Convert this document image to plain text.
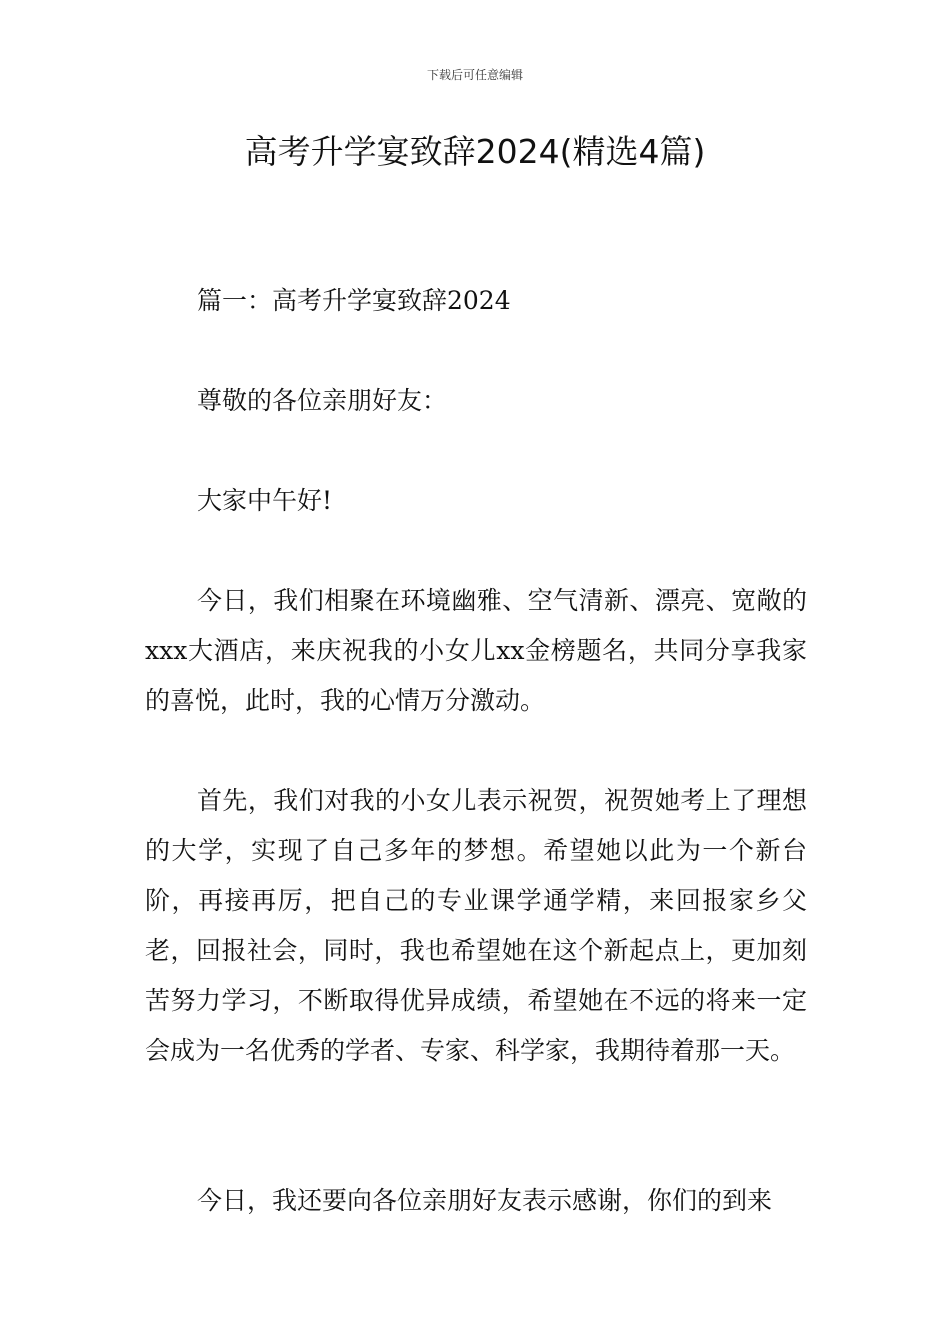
下载后可任意编辑
高考升学宴致辞2024(精选4篇)

篇一：高考升学宴致辞2024

尊敬的各位亲朋好友：

大家中午好!

今日，我们相聚在环境幽雅、空气清新、漂亮、宽敞的xxx大酒店，来庆祝我的小女儿xx金榜题名，共同分享我家的喜悦，此时，我的心情万分激动。

首先，我们对我的小女儿表示祝贺，祝贺她考上了理想的大学，实现了自己多年的梦想。希望她以此为一个新台阶，再接再厉，把自己的专业课学通学精，来回报家乡父老，回报社会，同时，我也希望她在这个新起点上，更加刻苦努力学习，不断取得优异成绩，希望她在不远的将来一定会成为一名优秀的学者、专家、科学家，我期待着那一天。

今日，我还要向各位亲朋好友表示感谢，你们的到来
